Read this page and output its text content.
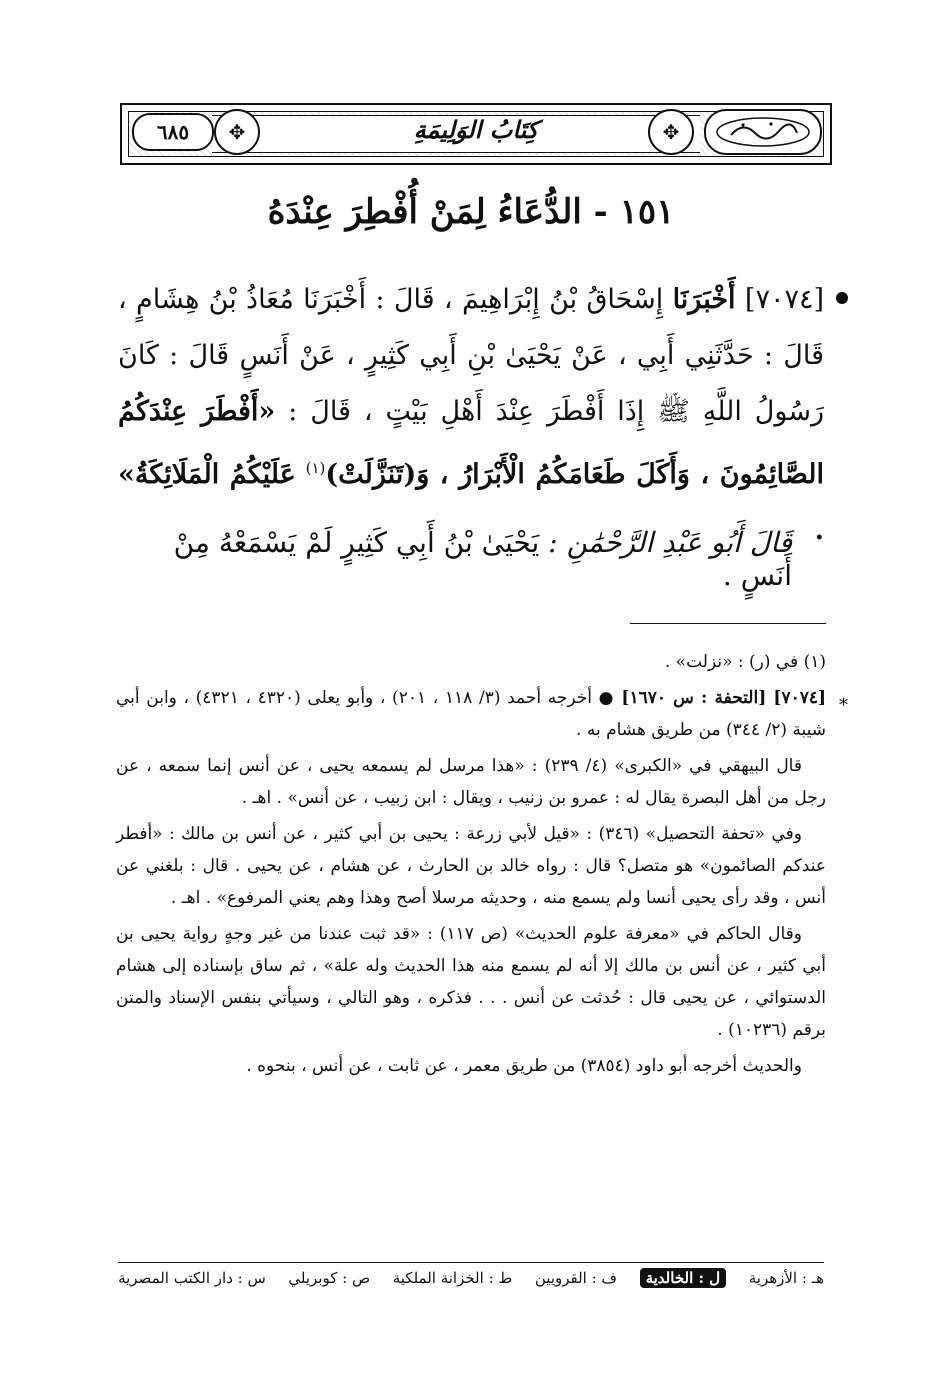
✥	✥
٦٨٥	كِتَابُ الوَلِيمَةِ
١٥١ - الدُّعَاءُ لِمَنْ أُفْطِرَ عِنْدَهُ
[٧٠٧٤] أَخْبَرَنَا إِسْحَاقُ بْنُ إِبْرَاهِيمَ ، قَالَ : أَخْبَرَنَا مُعَاذُ بْنُ هِشَامٍ ، قَالَ : حَدَّثَنِي أَبِي ، عَنْ يَحْيَىٰ بْنِ أَبِي كَثِيرٍ ، عَنْ أَنَسٍ قَالَ : كَانَ رَسُولُ اللَّهِ ﷺ إِذَا أَفْطَرَ عِنْدَ أَهْلِ بَيْتٍ ، قَالَ : «أَفْطَرَ عِنْدَكُمُ الصَّائِمُونَ ، وَأَكَلَ طَعَامَكُمُ الْأَبْرَارُ ، وَ(تَنَزَّلَتْ)$^{(١)}$ عَلَيْكُمُ الْمَلَائِكَةُ» .
قَالَ أَبُو عَبْدِ الرَّحْمَٰنِ : يَحْيَىٰ بْنُ أَبِي كَثِيرٍ لَمْ يَسْمَعْهُ مِنْ أَنَسٍ .
*

(١) في (ر) : «نزلت» .

[٧٠٧٤] [التحفة : س ١٦٧٠] ● أخرجه أحمد (٣/ ١١٨ ، ٢٠١) ، وأبو يعلى (٤٣٢٠ ، ٤٣٢١) ، وابن أبي شيبة (٢/ ٣٤٤) من طريق هشام به .

قال البيهقي في «الكبرى» (٤/ ٢٣٩) : «هذا مرسل لم يسمعه يحيى ، عن أنس إنما سمعه ، عن رجل من أهل البصرة يقال له : عمرو بن زنيب ، ويقال : ابن زبيب ، عن أنس» . اهـ .

وفي «تحفة التحصيل» (٣٤٦) : «قيل لأبي زرعة : يحيى بن أبي كثير ، عن أنس بن مالك : «أفطر عندكم الصائمون» هو متصل؟ قال : رواه خالد بن الحارث ، عن هشام ، عن يحيى . قال : بلغني عن أنس ، وقد رأى يحيى أنسا ولم يسمع منه ، وحديثه مرسلا أصح وهذا وهم يعني المرفوع» . اهـ .

وقال الحاكم في «معرفة علوم الحديث» (ص ١١٧) : «قد ثبت عندنا من غير وجهٍ رواية يحيى بن أبي كثير ، عن أنس بن مالك إلا أنه لم يسمع منه هذا الحديث وله علة» ، ثم ساق بإسناده إلى هشام الدستوائي ، عن يحيى قال : حُدثت عن أنس . . . فذكره ، وهو التالي ، وسيأتي بنفس الإسناد والمتن برقم (١٠٢٣٦) .

والحديث أخرجه أبو داود (٣٨٥٤) من طريق معمر ، عن ثابت ، عن أنس ، بنحوه .

س : دار الكتب المصرية ص : كوبريلي ط : الخزانة الملكية ف : القرويين	ل : الخالدية	هـ : الأزهرية
